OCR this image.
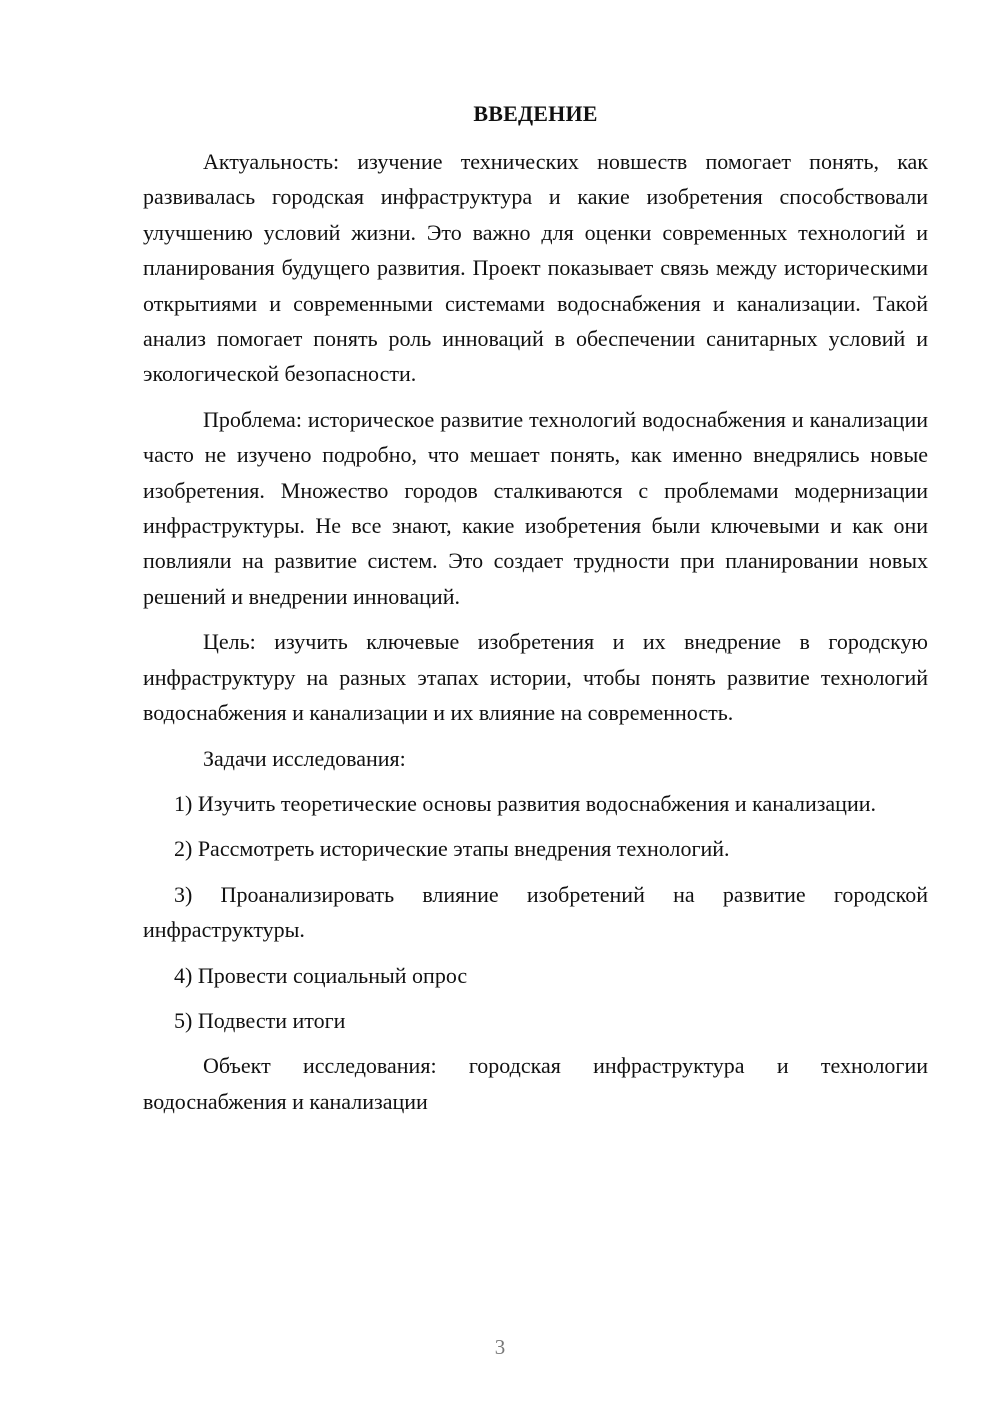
ВВЕДЕНИЕ

Актуальность: изучение технических новшеств помогает понять, как развивалась городская инфраструктура и какие изобретения способствовали улучшению условий жизни. Это важно для оценки современных технологий и планирования будущего развития. Проект показывает связь между историческими открытиями и современными системами водоснабжения и канализации. Такой анализ помогает понять роль инноваций в обеспечении санитарных условий и экологической безопасности.

Проблема: историческое развитие технологий водоснабжения и канализации часто не изучено подробно, что мешает понять, как именно внедрялись новые изобретения. Множество городов сталкиваются с проблемами модернизации инфраструктуры. Не все знают, какие изобретения были ключевыми и как они повлияли на развитие систем. Это создает трудности при планировании новых решений и внедрении инноваций.

Цель: изучить ключевые изобретения и их внедрение в городскую инфраструктуру на разных этапах истории, чтобы понять развитие технологий водоснабжения и канализации и их влияние на современность.

Задачи исследования:

1) Изучить теоретические основы развития водоснабжения и канализации.

2) Рассмотреть исторические этапы внедрения технологий.

3) Проанализировать влияние изобретений на развитие городской инфраструктуры.

4) Провести социальный опрос

5) Подвести итоги

Объект исследования: городская инфраструктура и технологии водоснабжения и канализации

3
